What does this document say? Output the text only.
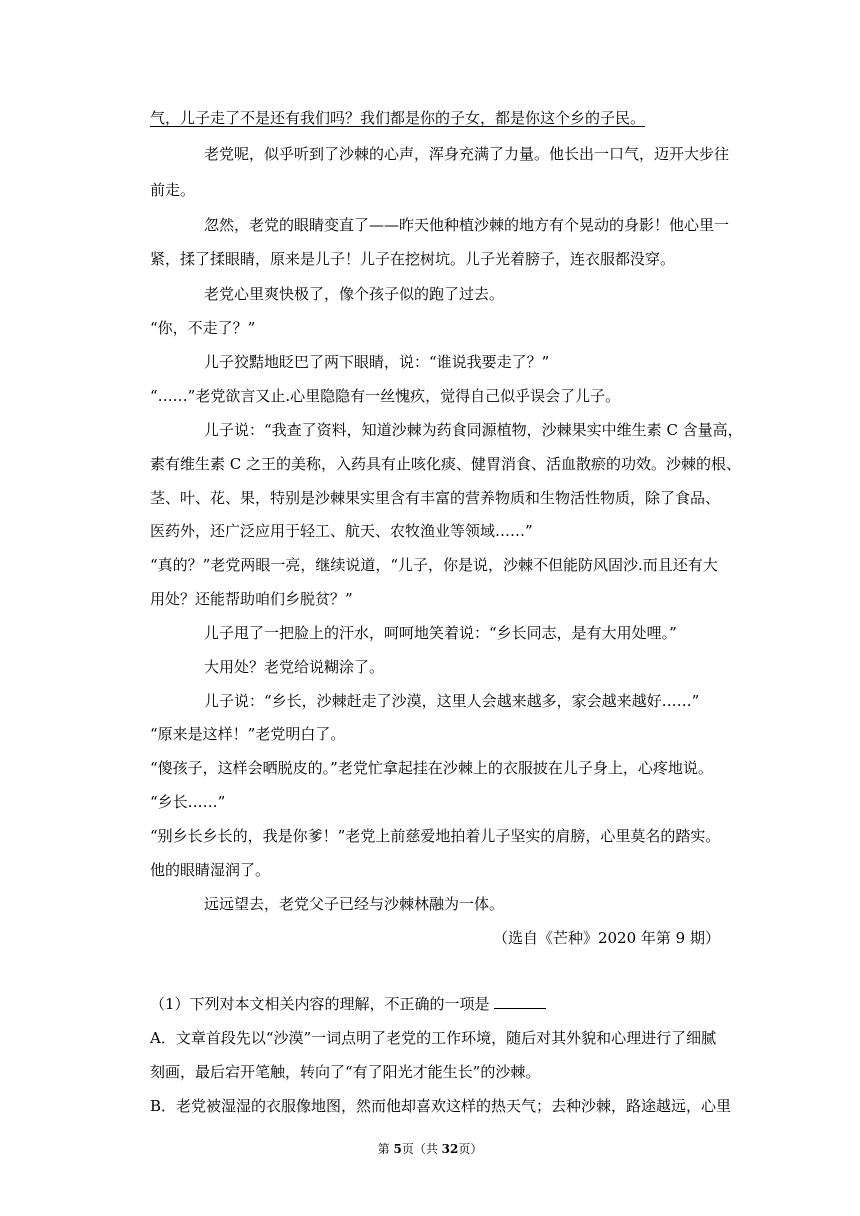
气，儿子走了不是还有我们吗？我们都是你的子女，都是你这个乡的子民。
老党呢，似乎听到了沙棘的心声，浑身充满了力量。他长出一口气，迈开大步往
前走。
忽然，老党的眼睛变直了——昨天他种植沙棘的地方有个晃动的身影！他心里一
紧，揉了揉眼睛，原来是儿子！儿子在挖树坑。儿子光着膀子，连衣服都没穿。
老党心里爽快极了，像个孩子似的跑了过去。
“你，不走了？”
儿子狡黠地眨巴了两下眼睛，说：“谁说我要走了？”
“……”老党欲言又止.心里隐隐有一丝愧疚，觉得自己似乎误会了儿子。
儿子说：“我查了资料，知道沙棘为药食同源植物，沙棘果实中维生素 C 含量高，
素有维生素 C 之王的美称，入药具有止咳化痰、健胃消食、活血散瘀的功效。沙棘的根、
茎、叶、花、果，特别是沙棘果实里含有丰富的营养物质和生物活性物质，除了食品、
医药外，还广泛应用于轻工、航天、农牧渔业等领域……”
“真的？”老党两眼一亮，继续说道，“儿子，你是说，沙棘不但能防风固沙.而且还有大
用处？还能帮助咱们乡脱贫？”
儿子甩了一把脸上的汗水，呵呵地笑着说：“乡长同志，是有大用处哩。”
大用处？老党给说糊涂了。
儿子说：“乡长，沙棘赶走了沙漠，这里人会越来越多，家会越来越好……”
“原来是这样！”老党明白了。
“傻孩子，这样会晒脱皮的。”老党忙拿起挂在沙棘上的衣服披在儿子身上，心疼地说。
“乡长……”
“别乡长乡长的，我是你爹！”老党上前慈爱地拍着儿子坚实的肩膀，心里莫名的踏实。
他的眼睛湿润了。
远远望去，老党父子已经与沙棘林融为一体。
（选自《芒种》2020 年第 9 期）
（1）下列对本文相关内容的理解，不正确的一项是
A．文章首段先以“沙漠”一词点明了老党的工作环境，随后对其外貌和心理进行了细腻
刻画，最后宕开笔触，转向了“有了阳光才能生长”的沙棘。
B．老党被湿湿的衣服像地图，然而他却喜欢这样的热天气；去种沙棘，路途越远，心里
第 5页（共 32页）
